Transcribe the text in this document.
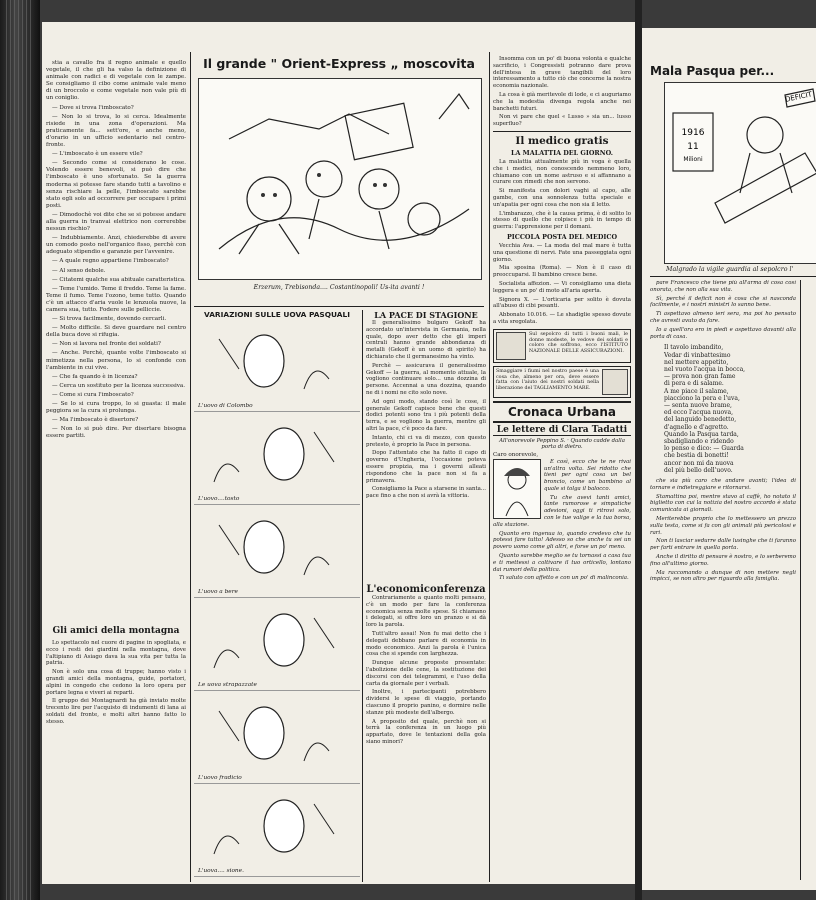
stia a cavallo fra il regno animale e quello vegetale, il che gli ha valso la definizione di animale con radici e di vegetale con le zampe. Se consigliamo il cibo come animale vale meno di un broccolo e come vegetale non vale più di un coniglio.

— Dove si trova l'imboscato?

— Non lo si trova, lo si cerca. Idealmente risiede in una zona d'operazioni. Ma praticamente fa... sett'ore, e anche meno, d'orario in un ufficio sedentario nel centro-fronte.

— L'imboscato è un essere vile?

— Secondo come si considerano le cose. Volendo essere benevoli, si può dire che l'imboscato è uno sfortunato. Se la guerra moderna si potesse fare stando tutti a tavolino e senza rischiare la pelle, l'imboscato sarebbe stato egli solo ad occorrere per occupare i primi posti.

— Dimodochè voi dite che se si potesse andare alla guerra in tranvai elettrico non correrebbe nessun rischio?

— Indubbiamente. Anzi, chiederebbe di avere un comodo posto nell'organico fisso, perchè con adeguato stipendio e garanzie per l'avvenire.

— A quale regno appartiene l'imboscato?

— Al senso debole.

— Citatemi qualche sua abituale caratteristica.

— Teme l'umido. Teme il freddo. Teme la fame. Teme il fumo. Teme l'ozono, teme tutto. Quando c'è un attacco d'aria vuole le lenzuola nuove, la camera sua, tutto. Fodere sulle pelliccie.

— Si trova facilmente, dovendo cercarli.

— Molto difficile. Si deve guardare nel centro della buca dove si rifugia.

— Non si lavora nel fronte dei soldati?

— Anche. Perchè, quante volte l'imboscato si mimetizza nella persona, lo si confonde con l'ambiente in cui vive.

— Che fa quando è in licenza?

— Cerca un sostituto per la licenza successiva.

— Come si cura l'imboscato?

— Se lo si cura troppo, lo si guasta: il male peggiora se la cura si prolunga.

— Ma l'imboscato è disertore?

— Non lo si può dire. Per disertare bisogna essere partiti.

Gli amici della montagna

Lo spettacolo nel cuore di pagine in spogliata, e ecco i resti dei giardini nella montagna, dove l'altipiano di Asiago dava la sua vita per tutta la patria.

Non è solo una cosa di truppe; hanno visto i grandi amici della montagna, guide, portatori, alpini in congedo che cedono la loro opera per portare legna e viveri ai reparti.

Il gruppo dei Montagnardi ha già inviato molte trecento lire per l'acquisto di indumenti di lana ai soldati del fronte, e molti altri hanno fatto lo stesso.

Il grande " Orient-Express „ moscovita
Erzerum, Trebisonda.... Costantinopoli! Us-ita avanti !
VARIAZIONI SULLE UOVA PASQUALI
L'uovo di Colombo
L'uovo....tosto
L'uovo a bere
Le uova strapazzate
L'uovo fradicio
L'uova.... sione.
LA PACE DI STAGIONE

Il generalissimo bulgaro Gekoff ha accordato un'intervista in Germania, nella quale, dopo aver detto che gli imperi centrali hanno grande abbondanza di metalli (Gekoff è un uomo di spirito) ha dichiarato che il germanesimo ha vinto.

Perchè — assicurava il generalissimo Gekoff — la guerra, al momento attuale, la vogliono continuare solo... una dozzina di persone. Accennai a una dozzina, quando ne di i nomi ne cito solo nove.

Ad ogni modo, stando così le cose, il generale Gekoff capisce bene che questi dodici potenti sono tra i più potenti della terra, e se vogliono la guerra, mentre gli altri la pace, c'è poco da fare.

Intanto, chi ci va di mezzo, con questo pretesto, è proprio la Pace in persona.

Dopo l'attentato che ha fatto il capo di governo d'Ungheria, l'occasione poteva essere propizia, ma i governi alleati rispondono che la pace non si fa a primavera.

Consigliamo la Pace a starsene in santa... pace fino a che non si avrà la vittoria.

L'economiconferenza

Contrariamente a quanto molti pensano, c'è un modo per fare la conferenza economica senza molte spese. Si chiamano i delegati, si offre loro un pranzo e si dà loro la parola.

Tutt'altro assai! Non fu mai detto che i delegati debbano parlare di economia in modo economico. Anzi la parola è l'unica cosa che si spende con larghezza.

Dunque alcune proposte presentate: l'abolizione delle cene, la sostituzione dei discorsi con dei telegrammi, e l'uso della carta da giornale per i verbali.

Inoltre, i partecipanti potrebbero dividersi le spese di viaggio, portando ciascuno il proprio panino, e dormire nelle stanze più modeste dell'albergo.

A proposito del quale, perchè non si terrà la conferenza in un luogo più appartato, dove le tentazioni della gola siano minori?

Insomma con un po' di buona volontà e qualche sacrificio, i Congressisti potranno dare prova dell'intesa in grave tangibili del loro interessamento a tutto ciò che concerne la nostra economia nazionale.

La cosa è già meritevole di lode, e ci auguriamo che la modestia divenga regola anche nei banchetti futuri.

Non vi pare che quel « Lusso » sia un... lusso superfluo?

Il medico gratis
LA MALATTIA DEL GIORNO.

La malattia attualmente più in voga è quella che i medici, non conoscendo nemmeno loro, chiamano con un nome astruso e si affannano a curare con rimedi che non servono.

Si manifesta con dolori vaghi al capo, alle gambe, con una sonnolenza tutta speciale e un'apatia per ogni cosa che non sia il letto.

L'imbarazzo, che è la causa prima, è di solito lo stesso di quello che colpisce i più in tempo di guerra: l'apprensione per il domani.

PICCOLA POSTA DEL MEDICO

Vecchia Ava. — La moda del mal mare è tutta una questione di nervi. Fate una passeggiata ogni giorno.

Mia sposina (Roma). — Non è il caso di preoccuparsi. Il bambino cresce bene.

Socialista affezion. — Vi consigliamo una dieta leggera e un po' di moto all'aria aperta.

Signora X. — L'orticaria per solito è dovuta all'abuso di cibi pesanti.

Abbonato 10.016. — Le shadiglie spesso dovute a vita sregolata.

Sul sepolcro di tutti i buoni mali, le donne modeste, le vedove dei soldati e coloro che soffrono, ecco l'ISTITUTO NAZIONALE DELLE ASSICURAZIONI.
Smaggiare i fiumi nel nostro paese è una cosa che, almeno per ora, deve essere fatta con l'aiuto dei nostri soldati nella liberazione del TAGLIAMENTO MARE.
Cronaca Urbana
Le lettere di Clara Tadatti
All'onorevole Peppino S. · Quando cadde dalla porta di dietro.
Caro onorevole,

E così, ecco che te ne rivai un'altra volta. Sei ridotto che tieni per ogni cosa un bel broncio, come un bambino al quale si tolga il balocco.

Tu che avevi tanti amici, tante rumorose e simpatiche adesioni, oggi ti ritrovi solo, con le tue valige e la tua borsa, alla stazione.

Quanto ero ingenua io, quando credevo che tu potessi fare tutto! Adesso so che anche tu sei un povero uomo come gli altri, e forse un po' meno.

Quanto sarebbe meglio se tu tornassi a casa tua e ti mettessi a coltivare il tuo orticello, lontano dai rumori della politica.

Ti saluto con affetto e con un po' di malinconia.

Mala Pasqua per...
1916
11
Milioni
DEFICIT
Malgrado la vigile guardia al sepolcro l'

pare Francesco che tiene più all'arma di cosa così onorata, che non alla sua vita.

Sì, perché il deficit non è cosa che si nasconda facilmente, e i nostri ministri lo sanno bene.

Ti aspettavo almeno ieri sera, ma poi ho pensato che avresti avuto da fare.

Io a quell'ora ero in piedi e aspettavo davanti alla porta di casa.

Il tavolo imbandito,
Vedar di vinbattesimo
nel mettere appetito,
nel vuoto l'acqua in bocca,
— prova non gran fame
di pera e di salame.
A me piace il salame,
piacciono la pera e l'uva,
— senta nuove brame,
ed ecco l'acqua nuova,
del languido benedetto,
d'agnello e d'agretto.
Quando la Pasqua tarda,
sbadigliando e ridendo
lo penso e dico: — Guarda
che bestia di bonetti!
ancor non mi da nuova
del più bello dell'uovo.

che sia più caro che andare avanti; l'idea di tornare e indietreggiare e ritornarvi.

Stamattina poi, mentre stavo al caffè, ho notato il biglietto con cui la notizia del nostro accordo è stata comunicata ai giornali.

Meriterebbe proprio che lo mettessero un prezzo sulla testa, come si fa con gli animali più pericolosi e rari.

Non ti lasciar sedurre dalle lusinghe che ti faranno per farti entrare in quella porta.

Anche il diritto di pensare è nostro, e lo serberemo fino all'ultimo giorno.

Ma raccomando a dunque di non mettere negli impicci, se non altro per riguardo alla famiglia.
